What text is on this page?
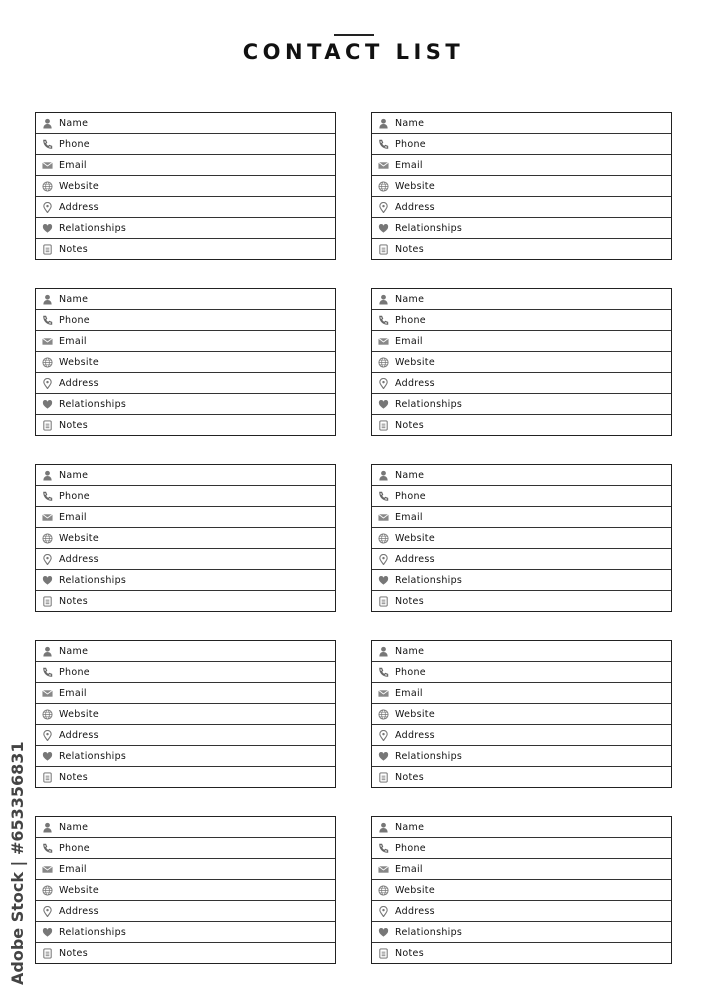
CONTACT LIST
Name
Phone
Email
Website
Address
Relationships
Notes
Name
Phone
Email
Website
Address
Relationships
Notes
Name
Phone
Email
Website
Address
Relationships
Notes
Name
Phone
Email
Website
Address
Relationships
Notes
Name
Phone
Email
Website
Address
Relationships
Notes
Name
Phone
Email
Website
Address
Relationships
Notes
Name
Phone
Email
Website
Address
Relationships
Notes
Name
Phone
Email
Website
Address
Relationships
Notes
Name
Phone
Email
Website
Address
Relationships
Notes
Name
Phone
Email
Website
Address
Relationships
Notes
Adobe Stock | #653356831
